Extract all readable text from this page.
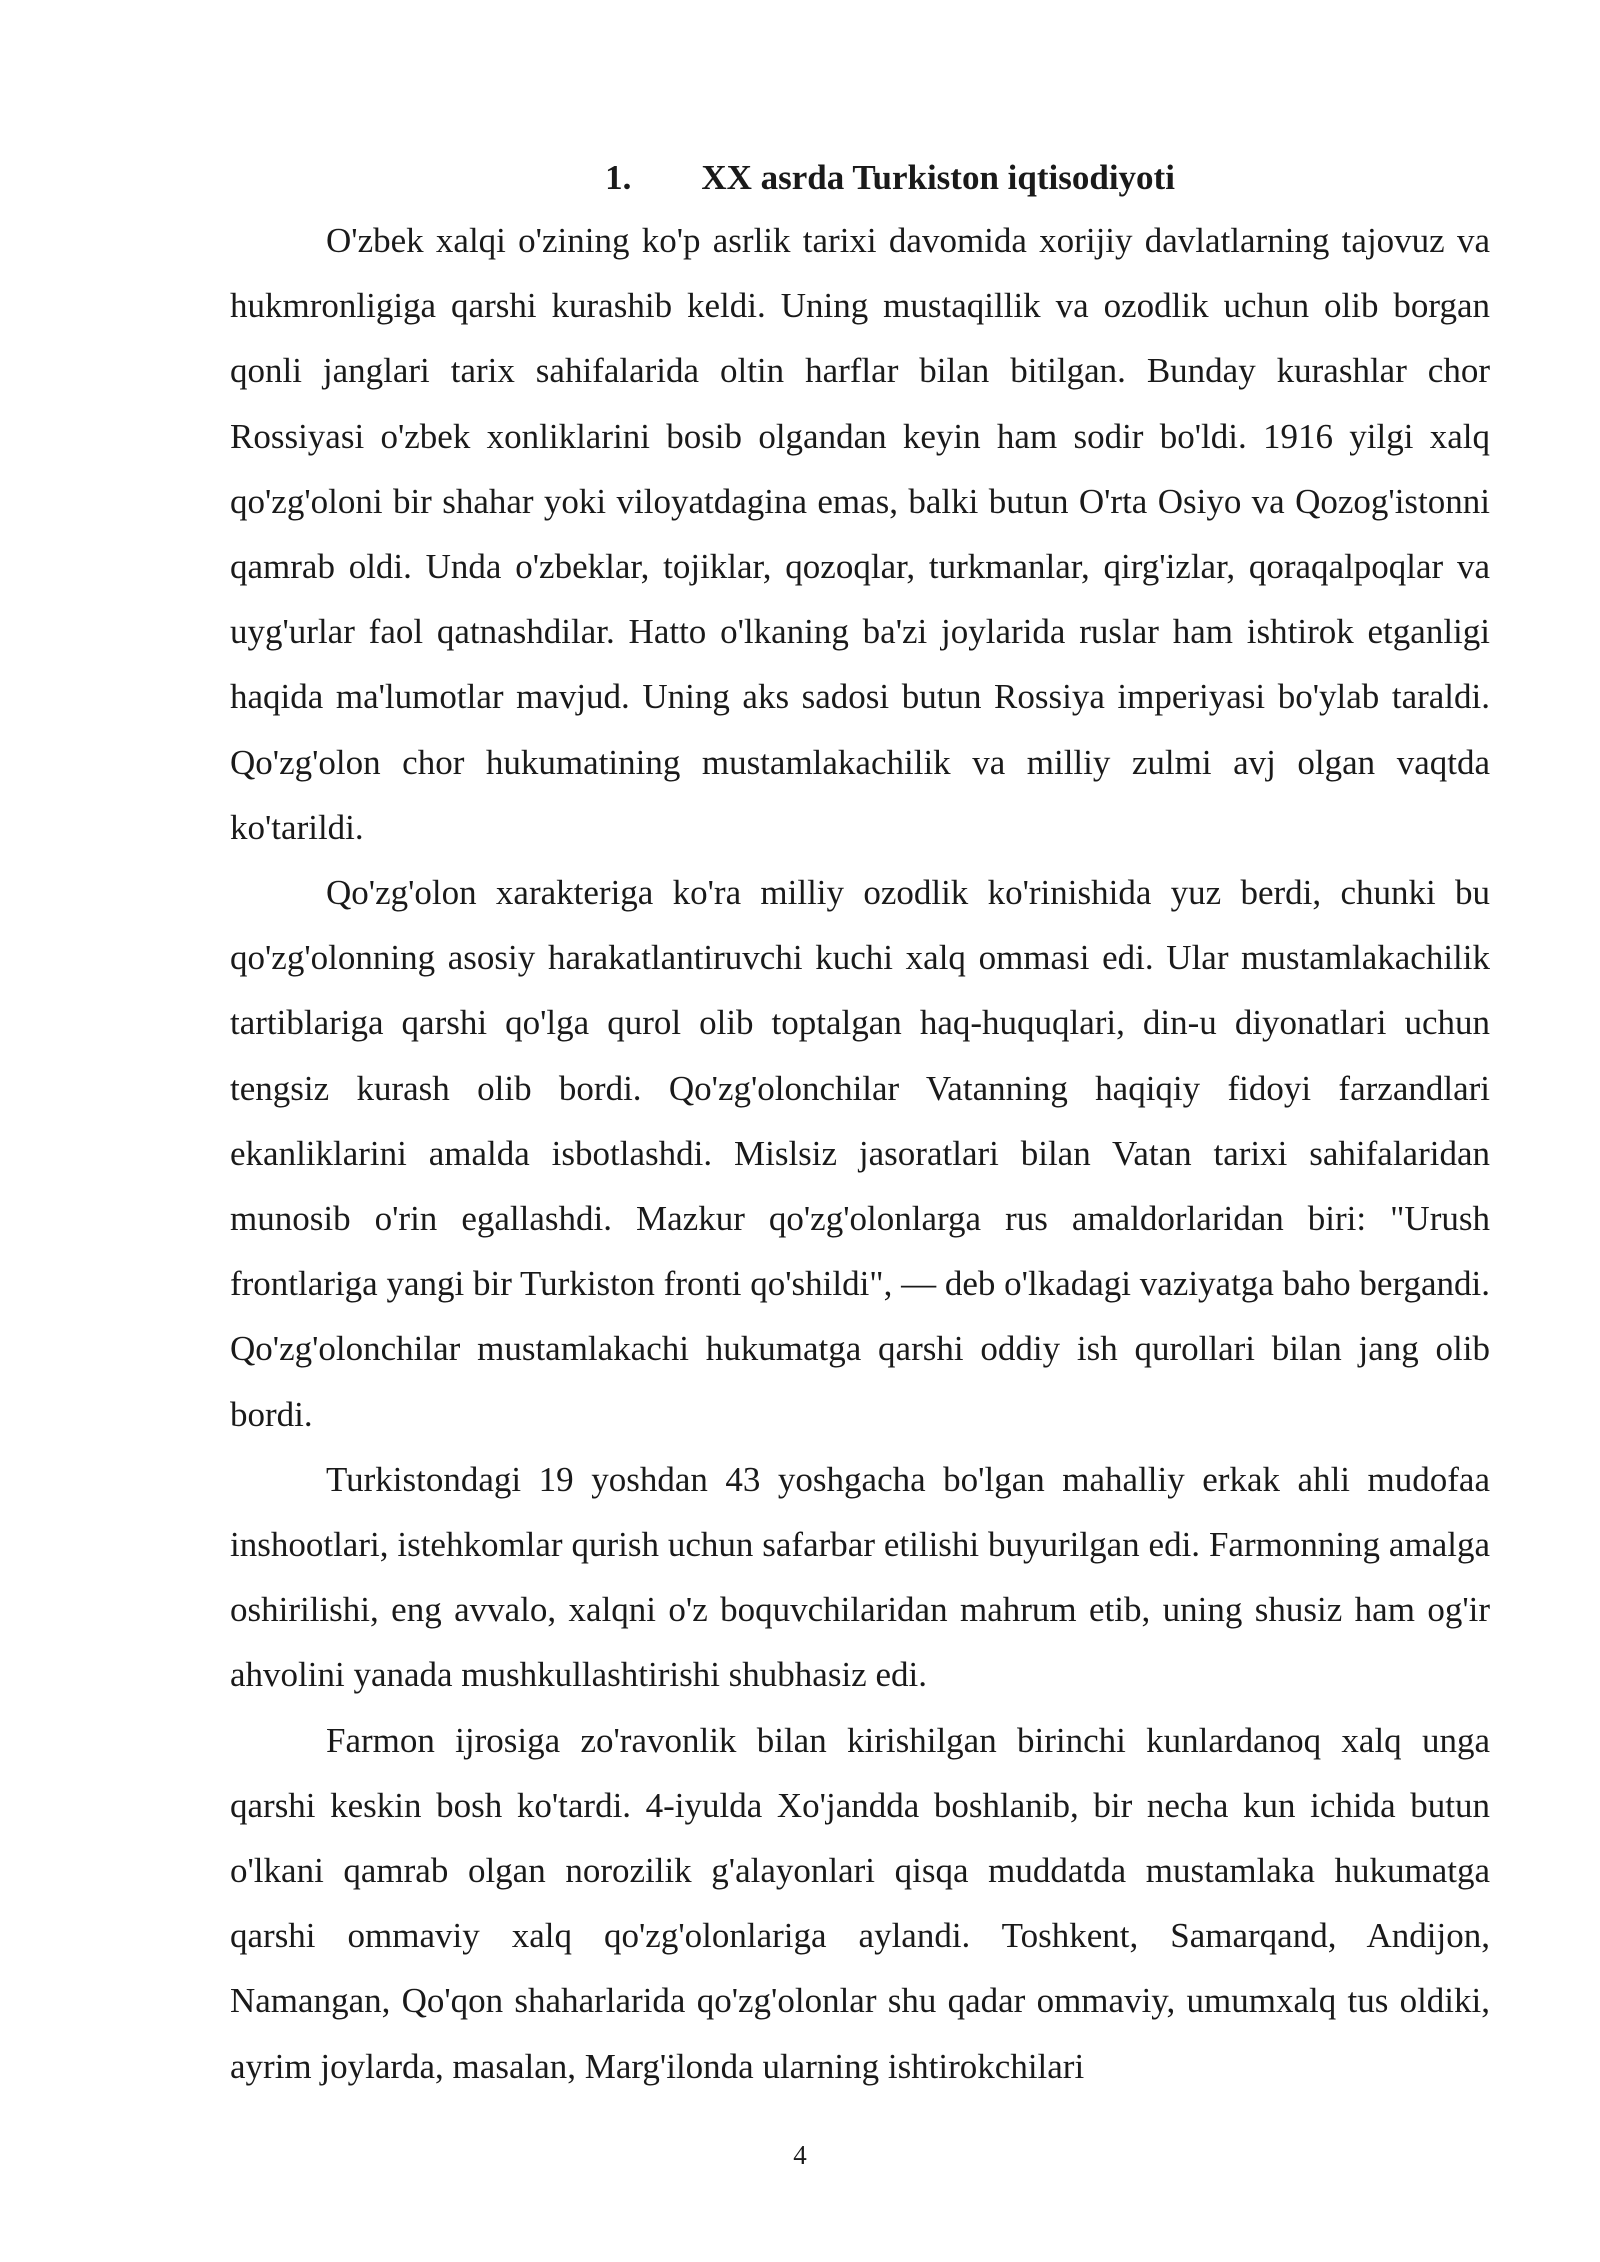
1. XX asrda Turkiston iqtisodiyoti

O'zbek xalqi o'zining ko'p asrlik tarixi davomida xorijiy davlatlarning tajovuz va hukmronligiga qarshi kurashib keldi. Uning mustaqillik va ozodlik uchun olib borgan qonli janglari tarix sahifalarida oltin harflar bilan bitilgan. Bunday kurashlar chor Rossiyasi o'zbek xonliklarini bosib olgandan keyin ham sodir bo'ldi. 1916 yilgi xalq qo'zg'oloni bir shahar yoki viloyatdagina emas, balki butun O'rta Osiyo va Qozog'istonni qamrab oldi. Unda o'zbeklar, tojiklar, qozoqlar, turkmanlar, qirg'izlar, qoraqalpoqlar va uyg'urlar faol qatnashdilar. Hatto o'lkaning ba'zi joylarida ruslar ham ishtirok etganligi haqida ma'lumotlar mavjud. Uning aks sadosi butun Rossiya imperiyasi bo'ylab taraldi. Qo'zg'olon chor hukumatining mustamlakachilik va milliy zulmi avj olgan vaqtda ko'tarildi.

Qo'zg'olon xarakteriga ko'ra milliy ozodlik ko'rinishida yuz berdi, chunki bu qo'zg'olonning asosiy harakatlantiruvchi kuchi xalq ommasi edi. Ular mustamlakachilik tartiblariga qarshi qo'lga qurol olib toptalgan haq-huquqlari, din-u diyonatlari uchun tengsiz kurash olib bordi. Qo'zg'olonchilar Vatanning haqiqiy fidoyi farzandlari ekanliklarini amalda isbotlashdi. Mislsiz jasoratlari bilan Vatan tarixi sahifalaridan munosib o'rin egallashdi. Mazkur qo'zg'olonlarga rus amaldorlaridan biri: "Urush frontlariga yangi bir Turkiston fronti qo'shildi", — deb o'lkadagi vaziyatga baho bergandi. Qo'zg'olonchilar mustamlakachi hukumatga qarshi oddiy ish qurollari bilan jang olib bordi.

Turkistondagi 19 yoshdan 43 yoshgacha bo'lgan mahalliy erkak ahli mudofaa inshootlari, istehkomlar qurish uchun safarbar etilishi buyurilgan edi. Farmonning amalga oshirilishi, eng avvalo, xalqni o'z boquvchilaridan mahrum etib, uning shusiz ham og'ir ahvolini yanada mushkullashtirishi shubhasiz edi.

Farmon ijrosiga zo'ravonlik bilan kirishilgan birinchi kunlardanoq xalq unga qarshi keskin bosh ko'tardi. 4-iyulda Xo'jandda boshlanib, bir necha kun ichida butun o'lkani qamrab olgan norozilik g'alayonlari qisqa muddatda mustamlaka hukumatga qarshi ommaviy xalq qo'zg'olonlariga aylandi. Toshkent, Samarqand, Andijon, Namangan, Qo'qon shaharlarida qo'zg'olonlar shu qadar ommaviy, umumxalq tus oldiki, ayrim joylarda, masalan, Marg'ilonda ularning ishtirokchilari

4
